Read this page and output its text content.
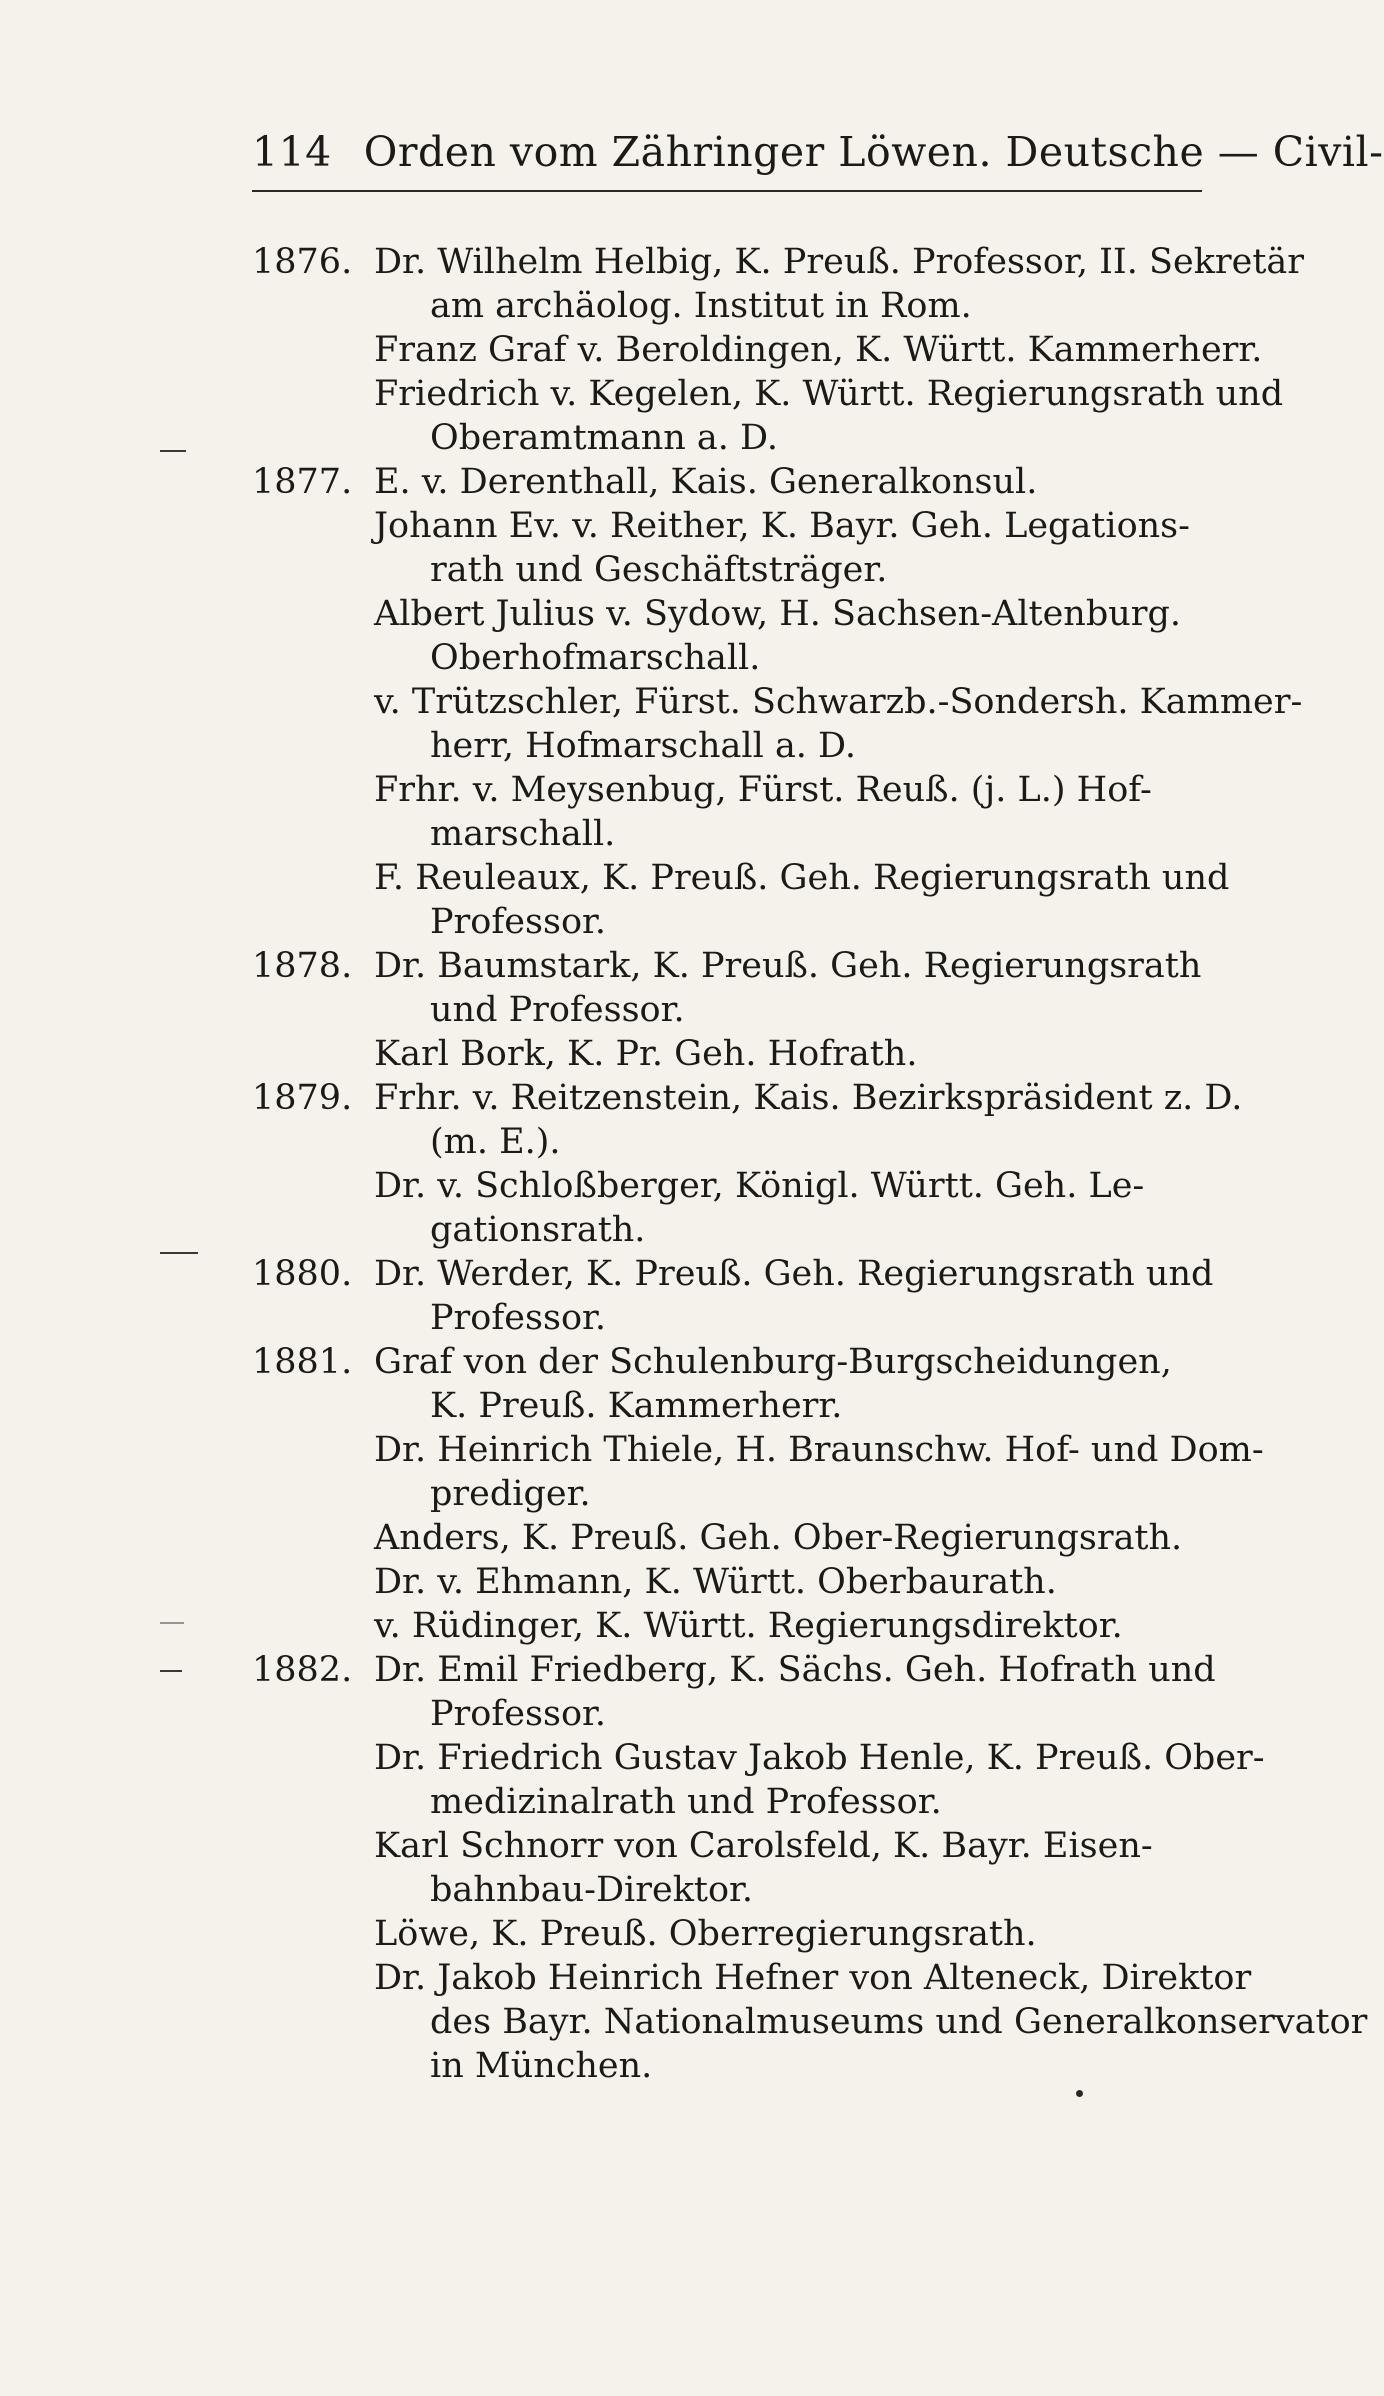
114 Orden vom Zähringer Löwen. Deutsche — Civil-
1876. Dr. Wilhelm Helbig, K. Preuß. Professor, II. Sekretär
am archäolog. Institut in Rom.
Franz Graf v. Beroldingen, K. Württ. Kammerherr.
Friedrich v. Kegelen, K. Württ. Regierungsrath und
Oberamtmann a. D.
1877. E. v. Derenthall, Kais. Generalkonsul.
Johann Ev. v. Reither, K. Bayr. Geh. Legations-
rath und Geschäftsträger.
Albert Julius v. Sydow, H. Sachsen-Altenburg.
Oberhofmarschall.
v. Trützschler, Fürst. Schwarzb.-Sondersh. Kammer-
herr, Hofmarschall a. D.
Frhr. v. Meysenbug, Fürst. Reuß. (j. L.) Hof-
marschall.
F. Reuleaux, K. Preuß. Geh. Regierungsrath und
Professor.
1878. Dr. Baumstark, K. Preuß. Geh. Regierungsrath
und Professor.
Karl Bork, K. Pr. Geh. Hofrath.
1879. Frhr. v. Reitzenstein, Kais. Bezirkspräsident z. D.
(m. E.).
Dr. v. Schloßberger, Königl. Württ. Geh. Le-
gationsrath.
1880. Dr. Werder, K. Preuß. Geh. Regierungsrath und
Professor.
1881. Graf von der Schulenburg-Burgscheidungen,
K. Preuß. Kammerherr.
Dr. Heinrich Thiele, H. Braunschw. Hof- und Dom-
prediger.
Anders, K. Preuß. Geh. Ober-Regierungsrath.
Dr. v. Ehmann, K. Württ. Oberbaurath.
v. Rüdinger, K. Württ. Regierungsdirektor.
1882. Dr. Emil Friedberg, K. Sächs. Geh. Hofrath und
Professor.
Dr. Friedrich Gustav Jakob Henle, K. Preuß. Ober-
medizinalrath und Professor.
Karl Schnorr von Carolsfeld, K. Bayr. Eisen-
bahnbau-Direktor.
Löwe, K. Preuß. Oberregierungsrath.
Dr. Jakob Heinrich Hefner von Alteneck, Direktor
des Bayr. Nationalmuseums und Generalkonservator
in München.
